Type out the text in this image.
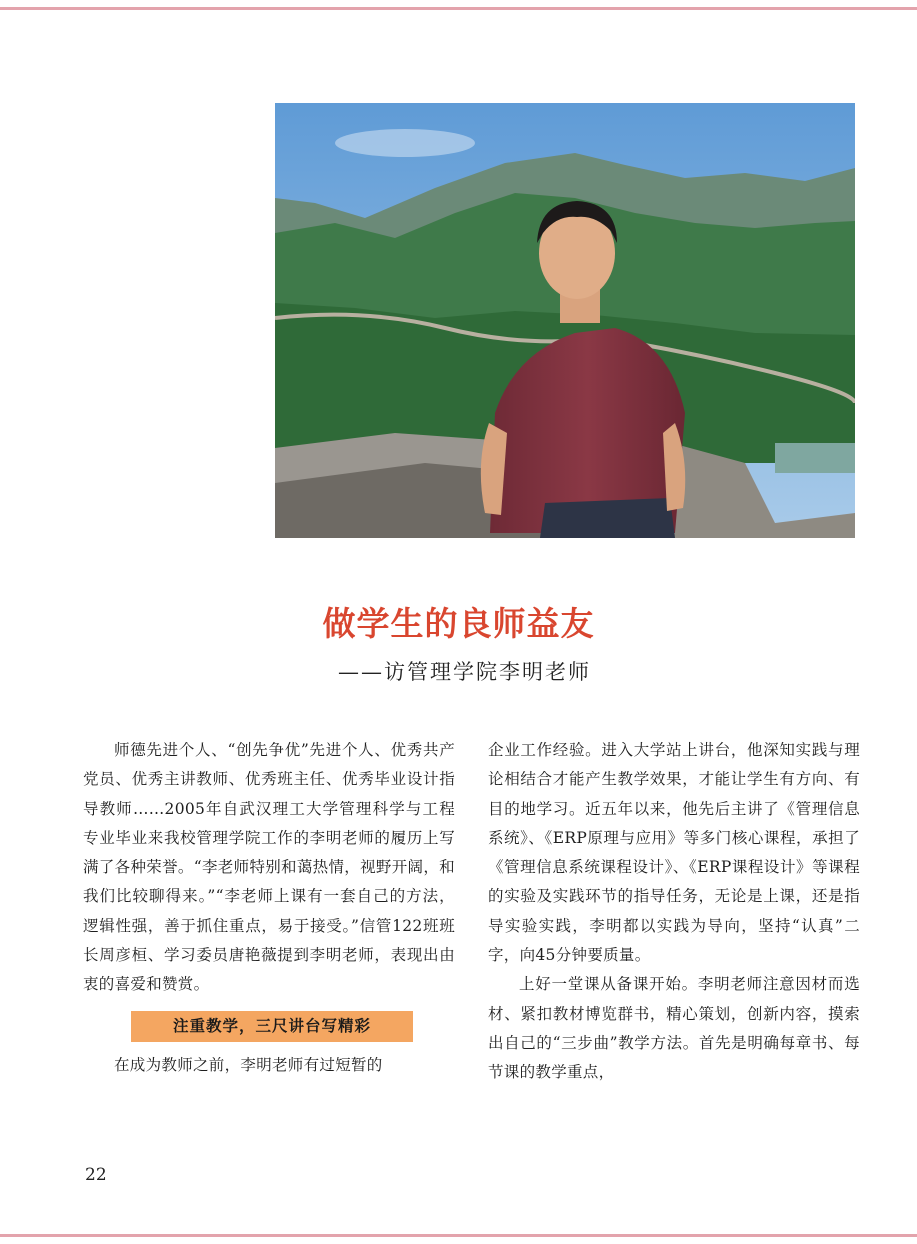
做学生的良师益友
——访管理学院李明老师

师德先进个人、“创先争优”先进个人、优秀共产党员、优秀主讲教师、优秀班主任、优秀毕业设计指导教师……2005年自武汉理工大学管理科学与工程专业毕业来我校管理学院工作的李明老师的履历上写满了各种荣誉。“李老师特别和蔼热情，视野开阔，和我们比较聊得来。”“李老师上课有一套自己的方法，逻辑性强，善于抓住重点，易于接受。”信管122班班长周彦桓、学习委员唐艳薇提到李明老师，表现出由衷的喜爱和赞赏。

注重教学，三尺讲台写精彩

在成为教师之前，李明老师有过短暂的

企业工作经验。进入大学站上讲台，他深知实践与理论相结合才能产生教学效果，才能让学生有方向、有目的地学习。近五年以来，他先后主讲了《管理信息系统》、《ERP原理与应用》等多门核心课程，承担了《管理信息系统课程设计》、《ERP课程设计》等课程的实验及实践环节的指导任务，无论是上课，还是指导实验实践，李明都以实践为导向，坚持“认真”二字，向45分钟要质量。

上好一堂课从备课开始。李明老师注意因材而选材、紧扣教材博览群书，精心策划，创新内容，摸索出自己的“三步曲”教学方法。首先是明确每章书、每节课的教学重点，

22
